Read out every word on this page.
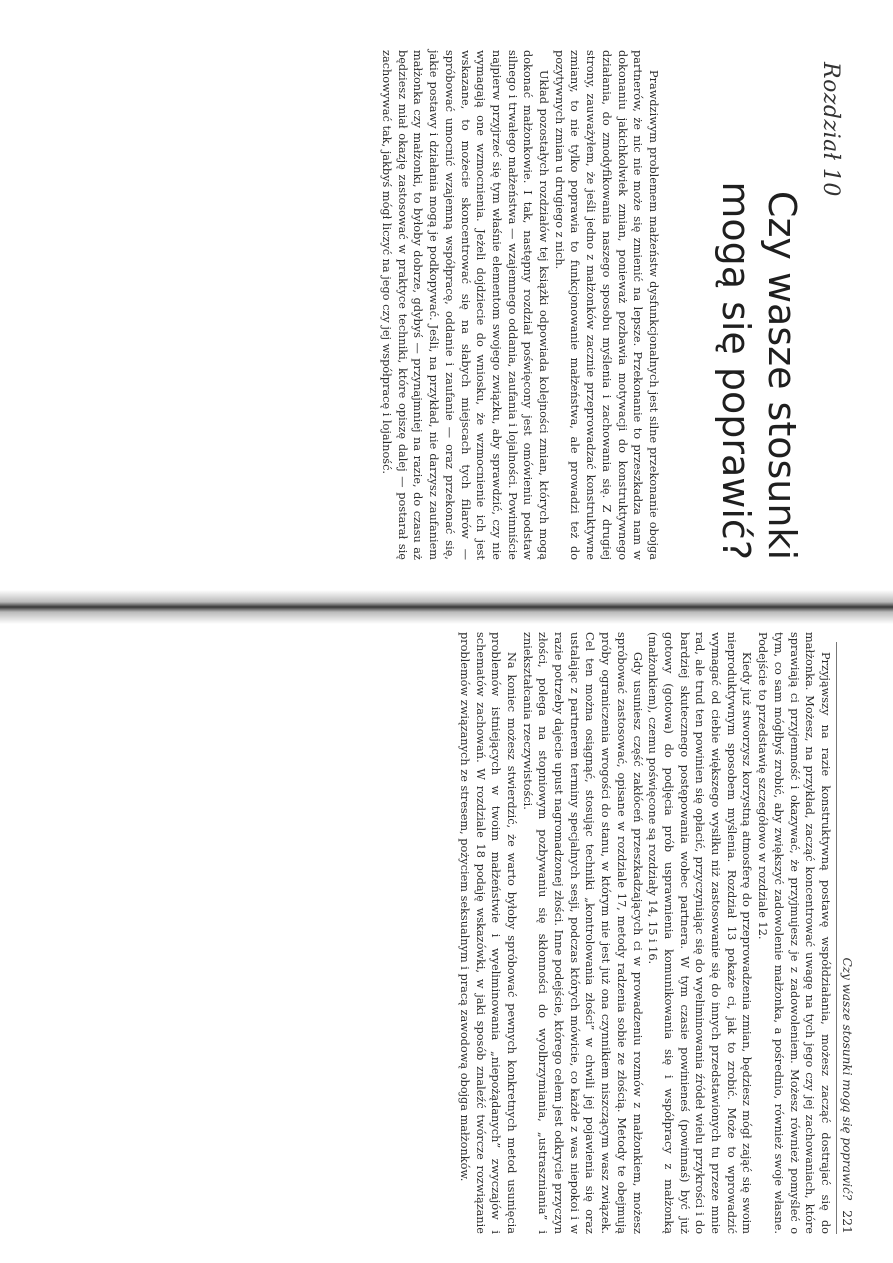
Rozdział 10
Czy wasze stosunki
mogą się poprawić?

Prawdziwym problemem małżeństw dysfunkcjonalnych jest silne przekonanie obojga partnerów, że nic nie może się zmienić na lepsze. Przekonanie to przeszkadza nam w dokonaniu jakichkolwiek zmian, ponieważ pozbawia motywacji do konstruktywnego działania, do zmodyfikowania naszego sposobu myślenia i zachowania się. Z drugiej strony, zauważyłem, że jeśli jedno z małżonków zacznie przeprowadzać konstruktywne zmiany, to nie tylko poprawia to funkcjonowanie małżeństwa, ale prowadzi też do pozytywnych zmian u drugiego z nich.

Układ pozostałych rozdziałów tej książki odpowiada kolejności zmian, których mogą dokonać małżonkowie. I tak, następny rozdział poświęcony jest omówieniu podstaw silnego i trwałego małżeństwa — wzajemnego oddania, zaufania i lojalności. Powinniście najpierw przyjrzeć się tym właśnie elementom swojego związku, aby sprawdzić, czy nie wymagają one wzmocnienia. Jeżeli dojdziecie do wniosku, że wzmocnienie ich jest wskazane, to możecie skoncentrować się na słabych miejscach tych filarów — spróbować umocnić wzajemną współpracę, oddanie i zaufanie — oraz przekonać się, jakie postawy i działania mogą je podkopywać. Jeśli, na przykład, nie darzysz zaufaniem małżonka czy małżonki, to byłoby dobrze, gdybyś — przynajmniej na razie, do czasu aż będziesz miał okazję zastosować w praktyce techniki, które opiszę dalej — postarał się zachowywać tak, jakbyś mógł liczyć na jego czy jej współpracę i lojalność.

Czy wasze stosunki mogą się poprawić?221

Przyjąwszy na razie konstruktywną postawę współdziałania, możesz zacząć dostrajać się do małżonka. Możesz, na przykład, zacząć koncentrować uwagę na tych jego czy jej zachowaniach, które sprawiają ci przyjemność i okazywać, że przyjmujesz je z zadowoleniem. Możesz również pomyśleć o tym, co sam mógłbyś zrobić, aby zwiększyć zadowolenie małżonka, a pośrednio, również swoje własne. Podejście to przedstawię szczegółowo w rozdziale 12.

Kiedy już stworzysz korzystną atmosferę do przeprowadzenia zmian, będziesz mógł zająć się swoim nieproduktywnym sposobem myślenia. Rozdział 13 pokaże ci, jak to zrobić. Może to wprowadzić wymagać od ciebie większego wysiłku niż zastosowanie się do innych przedstawionych tu przeze mnie rad, ale trud ten powinien się opłacić, przyczyniając się do wyeliminowania źródeł wielu przykrości i do bardziej skutecznego postępowania wobec partnera. W tym czasie powinieneś (powinnaś) być już gotowy (gotowa) do podjęcia prób usprawnienia komunikowania się i współpracy z małżonką (małżonkiem), czemu poświęcone są rozdziały 14, 15 i 16.

Gdy usuniesz część zakłóceń przeszkadzających ci w prowadzeniu rozmów z małżonkiem, możesz spróbować zastosować, opisane w rozdziale 17, metody radzenia sobie ze złością. Metody te obejmują próby ograniczenia wrogości do stanu, w którym nie jest już ona czynnikiem niszczącym wasz związek. Cel ten można osiągnąć, stosując techniki „kontrolowania złości” w chwili jej pojawienia się oraz ustalając z partnerem terminy specjalnych sesji, podczas których mówicie, co każde z was niepokoi i w razie potrzeby dajecie upust nagromadzonej złości. Inne podejście, którego celem jest odkrycie przyczyn złości, polega na stopniowym pozbywaniu się skłonności do wyolbrzymiania, „ustraszniania” i zniekształcania rzeczywistości.

Na koniec możesz stwierdzić, że warto byłoby spróbować pewnych konkretnych metod usunięcia problemów istniejących w twoim małżeństwie i wyeliminowania „niepożądanych” zwyczajów i schematów zachowań. W rozdziale 18 podaję wskazówki, w jaki sposób znaleźć twórcze rozwiązanie problemów związanych ze stresem, pożyciem seksualnym i pracą zawodową obojga małżonków.
